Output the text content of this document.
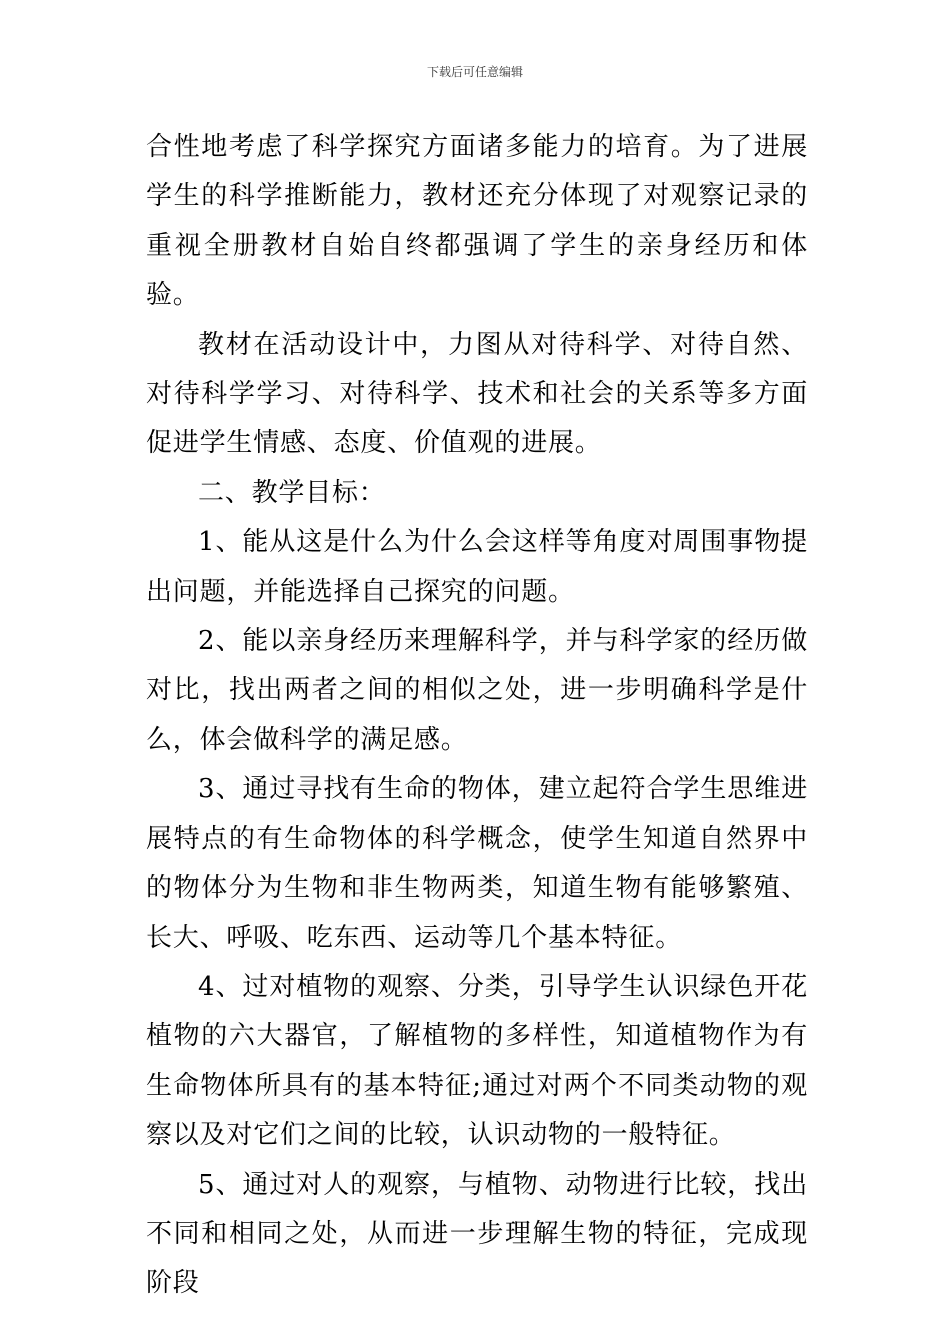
下载后可任意编辑

合性地考虑了科学探究方面诸多能力的培育。为了进展学生的科学推断能力，教材还充分体现了对观察记录的重视全册教材自始自终都强调了学生的亲身经历和体验。

教材在活动设计中，力图从对待科学、对待自然、对待科学学习、对待科学、技术和社会的关系等多方面促进学生情感、态度、价值观的进展。

二、教学目标：

1、能从这是什么为什么会这样等角度对周围事物提出问题，并能选择自己探究的问题。

2、能以亲身经历来理解科学，并与科学家的经历做对比，找出两者之间的相似之处，进一步明确科学是什么，体会做科学的满足感。

3、通过寻找有生命的物体，建立起符合学生思维进展特点的有生命物体的科学概念，使学生知道自然界中的物体分为生物和非生物两类，知道生物有能够繁殖、长大、呼吸、吃东西、运动等几个基本特征。

4、过对植物的观察、分类，引导学生认识绿色开花植物的六大器官，了解植物的多样性，知道植物作为有生命物体所具有的基本特征;通过对两个不同类动物的观察以及对它们之间的比较，认识动物的一般特征。

5、通过对人的观察，与植物、动物进行比较，找出不同和相同之处，从而进一步理解生物的特征，完成现阶段
